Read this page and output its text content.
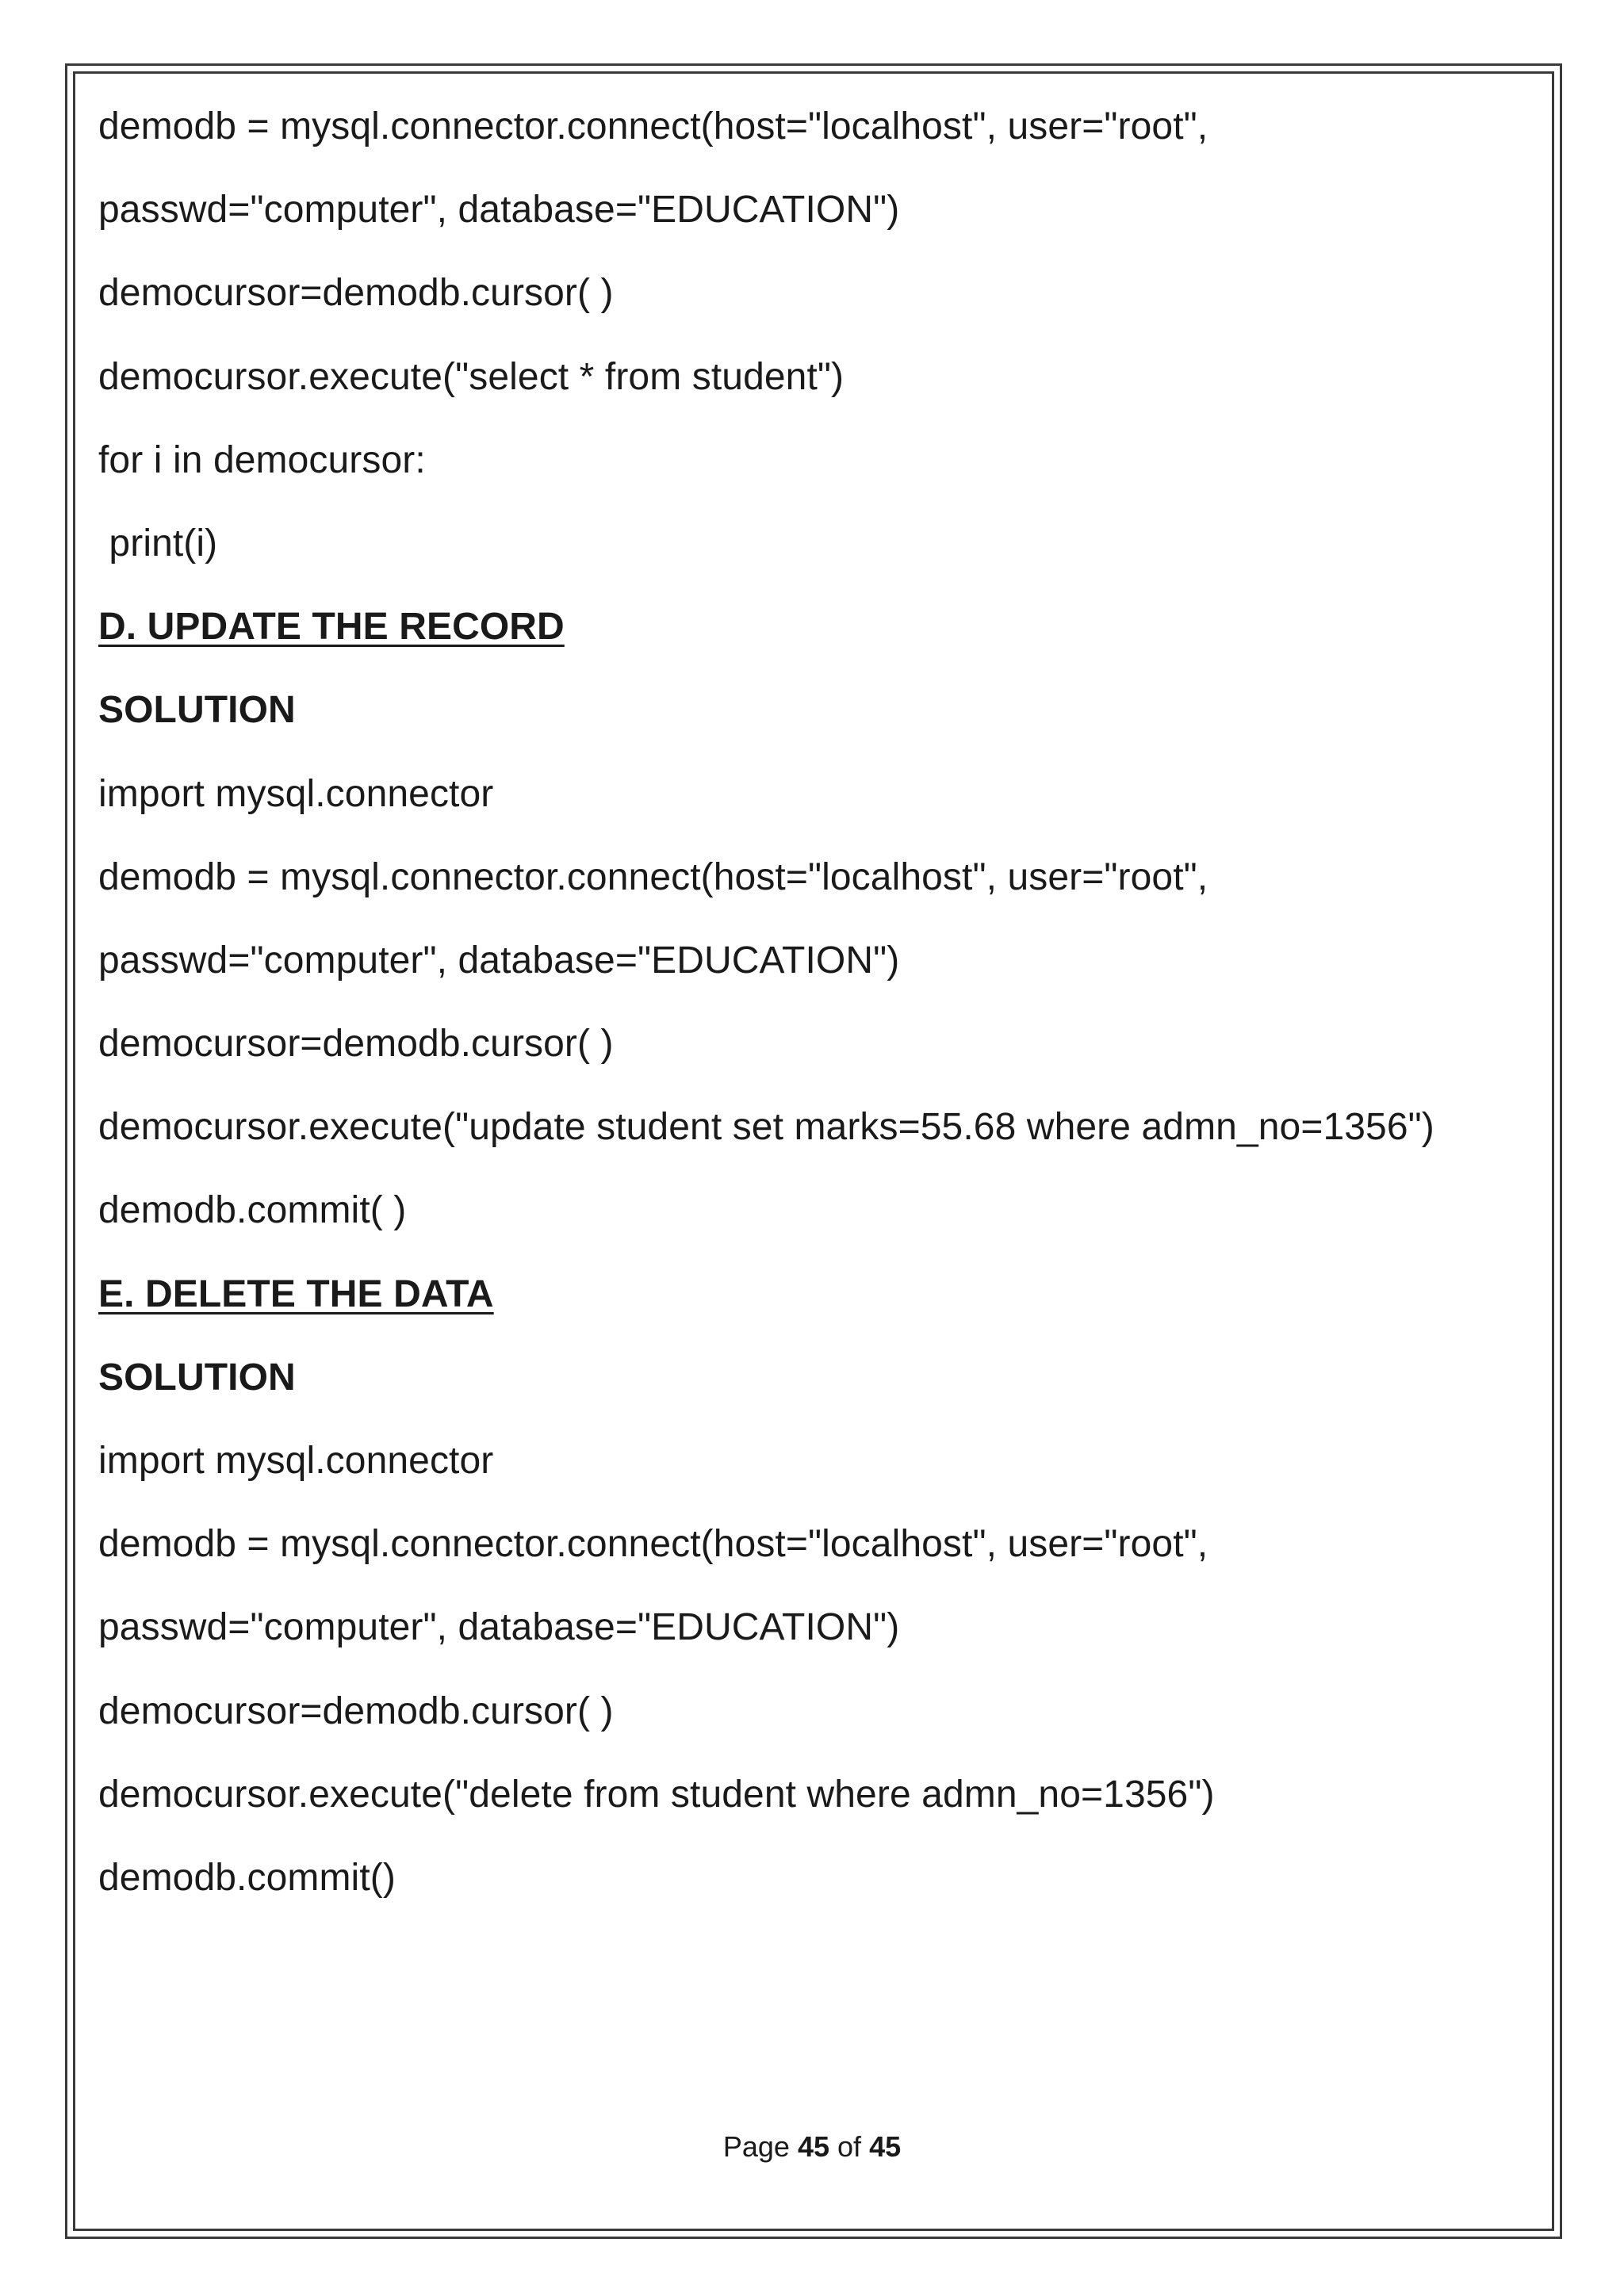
demodb = mysql.connector.connect(host="localhost", user="root",
passwd="computer", database="EDUCATION")
democursor=demodb.cursor( )
democursor.execute("select * from student")
for i in democursor:
print(i)
D. UPDATE THE RECORD
SOLUTION
import mysql.connector
demodb = mysql.connector.connect(host="localhost", user="root",
passwd="computer", database="EDUCATION")
democursor=demodb.cursor( )
democursor.execute("update student set marks=55.68 where admn_no=1356")
demodb.commit( )
E. DELETE THE DATA
SOLUTION
import mysql.connector
demodb = mysql.connector.connect(host="localhost", user="root",
passwd="computer", database="EDUCATION")
democursor=demodb.cursor( )
democursor.execute("delete from student where admn_no=1356")
demodb.commit()
Page 45 of 45
